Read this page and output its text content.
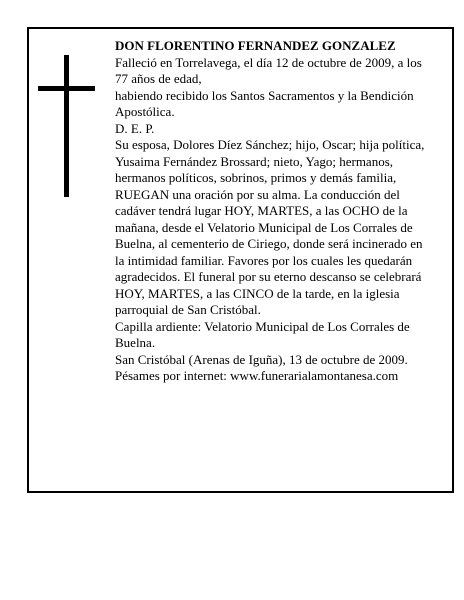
DON FLORENTINO FERNANDEZ GONZALEZ

Falleció en Torrelavega, el día 12 de octubre de 2009, a los 77 años de edad,

habiendo recibido los Santos Sacramentos y la Bendición Apostólica.

D. E. P.

Su esposa, Dolores Díez Sánchez; hijo, Oscar; hija política, Yusaima Fernández Brossard; nieto, Yago; hermanos, hermanos políticos, sobrinos, primos y demás familia,

RUEGAN una oración por su alma. La conducción del cadáver tendrá lugar HOY, MARTES, a las OCHO de la mañana, desde el Velatorio Municipal de Los Corrales de Buelna, al cementerio de Ciriego, donde será incinerado en la intimidad familiar. Favores por los cuales les quedarán agradecidos. El funeral por su eterno descanso se celebrará HOY, MARTES, a las CINCO de la tarde, en la iglesia parroquial de San Cristóbal.

Capilla ardiente: Velatorio Municipal de Los Corrales de Buelna.

San Cristóbal (Arenas de Iguña), 13 de octubre de 2009.

Pésames por internet: www.funerarialamontanesa.com
